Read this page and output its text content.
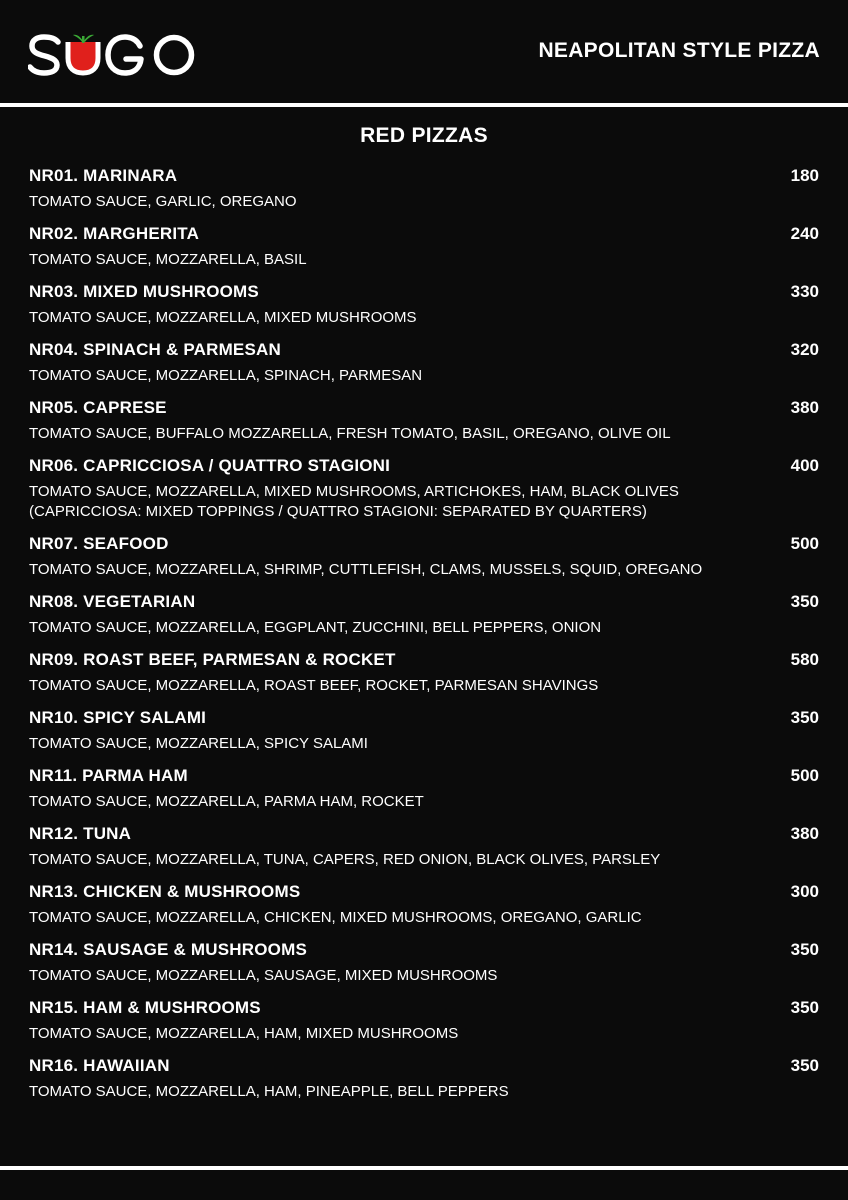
SUGO
NEAPOLITAN STYLE PIZZA
RED PIZZAS
NR01. MARINARA	180
TOMATO SAUCE, GARLIC, OREGANO
NR02. MARGHERITA	240
TOMATO SAUCE, MOZZARELLA, BASIL
NR03. MIXED MUSHROOMS	330
TOMATO SAUCE, MOZZARELLA, MIXED MUSHROOMS
NR04. SPINACH & PARMESAN	320
TOMATO SAUCE, MOZZARELLA, SPINACH, PARMESAN
NR05. CAPRESE	380
TOMATO SAUCE, BUFFALO MOZZARELLA, FRESH TOMATO, BASIL, OREGANO, OLIVE OIL
NR06. CAPRICCIOSA / QUATTRO STAGIONI	400
TOMATO SAUCE, MOZZARELLA, MIXED MUSHROOMS, ARTICHOKES, HAM, BLACK OLIVES
(CAPRICCIOSA: MIXED TOPPINGS / QUATTRO STAGIONI: SEPARATED BY QUARTERS)
NR07. SEAFOOD	500
TOMATO SAUCE, MOZZARELLA, SHRIMP, CUTTLEFISH, CLAMS, MUSSELS, SQUID, OREGANO
NR08. VEGETARIAN	350
TOMATO SAUCE, MOZZARELLA, EGGPLANT, ZUCCHINI, BELL PEPPERS, ONION
NR09. ROAST BEEF, PARMESAN & ROCKET	580
TOMATO SAUCE, MOZZARELLA, ROAST BEEF, ROCKET, PARMESAN SHAVINGS
NR10. SPICY SALAMI	350
TOMATO SAUCE, MOZZARELLA, SPICY SALAMI
NR11. PARMA HAM	500
TOMATO SAUCE, MOZZARELLA, PARMA HAM, ROCKET
NR12. TUNA	380
TOMATO SAUCE, MOZZARELLA, TUNA, CAPERS, RED ONION, BLACK OLIVES, PARSLEY
NR13. CHICKEN & MUSHROOMS	300
TOMATO SAUCE, MOZZARELLA, CHICKEN, MIXED MUSHROOMS, OREGANO, GARLIC
NR14. SAUSAGE & MUSHROOMS	350
TOMATO SAUCE, MOZZARELLA, SAUSAGE, MIXED MUSHROOMS
NR15. HAM & MUSHROOMS	350
TOMATO SAUCE, MOZZARELLA, HAM, MIXED MUSHROOMS
NR16. HAWAIIAN	350
TOMATO SAUCE, MOZZARELLA, HAM, PINEAPPLE, BELL PEPPERS
